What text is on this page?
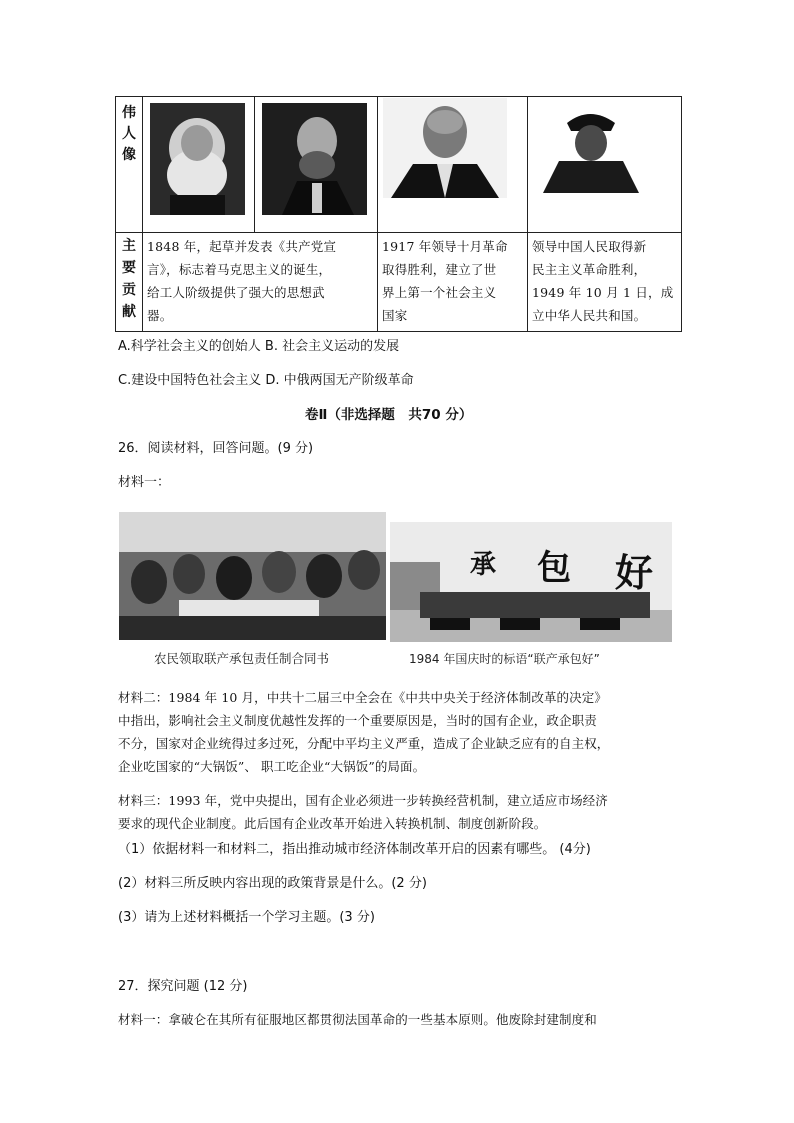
伟人像
主要贡献
1848 年，起草并发表《共产党宣
言》，标志着马克思主义的诞生，
给工人阶级提供了强大的思想武
器。
1917 年领导十月革命
取得胜利，建立了世
界上第一个社会主义
国家
领导中国人民取得新
民主主义革命胜利，
1949 年 10 月 1 日，成
立中华人民共和国。
A.科学社会主义的创始人 B. 社会主义运动的发展
C.建设中国特色社会主义 D. 中俄两国无产阶级革命
卷Ⅱ（非选择题　共70 分）
26．阅读材料，回答问题。(9 分)
材料一：
承 包 好
农民领取联产承包责任制合同书	1984 年国庆时的标语“联产承包好”
材料二：1984 年 10 月，中共十二届三中全会在《中共中央关于经济体制改革的决定》
中指出，影响社会主义制度优越性发挥的一个重要原因是，当时的国有企业，政企职责
不分，国家对企业统得过多过死，分配中平均主义严重，造成了企业缺乏应有的自主权，
企业吃国家的“大锅饭”、 职工吃企业“大锅饭”的局面。
材料三：1993 年，党中央提出，国有企业必须进一步转换经营机制，建立适应市场经济
要求的现代企业制度。此后国有企业改革开始进入转换机制、制度创新阶段。
（1）依据材料一和材料二，指出推动城市经济体制改革开启的因素有哪些。 (4分)
(2）材料三所反映内容出现的政策背景是什么。(2 分)
(3）请为上述材料概括一个学习主题。(3 分)
27．探究问题 (12 分)
材料一：拿破仑在其所有征服地区都贯彻法国革命的一些基本原则。他废除封建制度和
